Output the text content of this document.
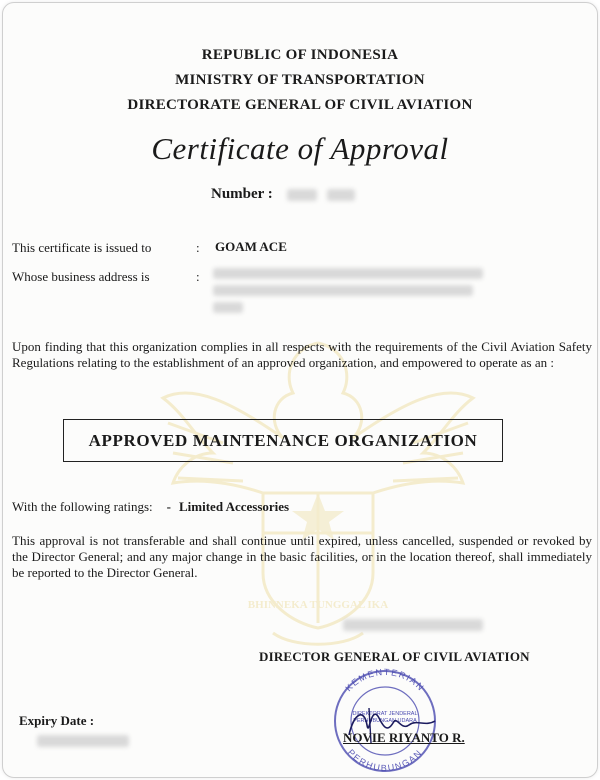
BHINNEKA TUNGGAL IKA
REPUBLIC OF INDONESIA
MINISTRY OF TRANSPORTATION
DIRECTORATE GENERAL OF CIVIL AVIATION
Certificate of Approval
Number :
This certificate is issued to	: GOAM ACE
Whose business address is	:
Upon finding that this organization complies in all respects with the requirements of the Civil Aviation Safety Regulations relating to the establishment of an approved organization, and empowered to operate as an :
APPROVED MAINTENANCE ORGANIZATION
With the following ratings: - Limited Accessories
This approval is not transferable and shall continue until expired, unless cancelled, suspended or revoked by the Director General; and any major change in the basic facilities, or in the location thereof, shall immediately be reported to the Director General.
DIRECTOR GENERAL OF CIVIL AVIATION
KEMENTERIAN
PERHUBUNGAN
DIREKTORAT JENDERAL
PERHUBUNGAN UDARA
NOVIE RIYANTO R.
Expiry Date :
